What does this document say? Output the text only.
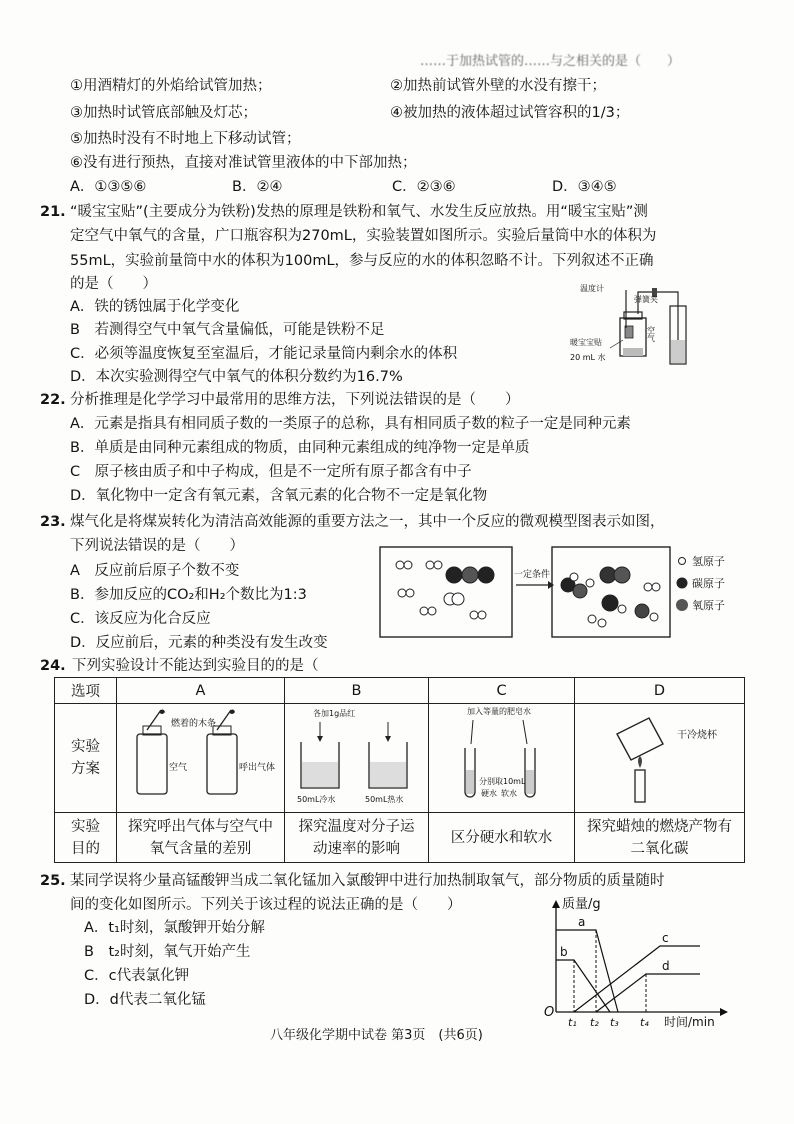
……于加热试管的……与之相关的是（　　）
①用酒精灯的外焰给试管加热；	②加热前试管外壁的水没有擦干；
③加热时试管底部触及灯芯；	④被加热的液体超过试管容积的1/3；
⑤加热时没有不时地上下移动试管；
⑥没有进行预热，直接对准试管里液体的中下部加热；
A．①③⑤⑥	B．②④	C．②③⑥	D．③④⑤
21. “暖宝宝贴”(主要成分为铁粉)发热的原理是铁粉和氧气、水发生反应放热。用“暖宝宝贴”测
定空气中氧气的含量，广口瓶容积为270mL，实验装置如图所示。实验后量筒中水的体积为
55mL，实验前量筒中水的体积为100mL，参与反应的水的体积忽略不计。下列叙述不正确
的是（　　）
A．铁的锈蚀属于化学变化
B　若测得空气中氧气含量偏低，可能是铁粉不足
C．必须等温度恢复至室温后，才能记录量筒内剩余水的体积
D．本次实验测得空气中氧气的体积分数约为16.7%
温度计
弹簧夹
暖宝宝贴
20 mL 水
空气
22. 分析推理是化学学习中最常用的思维方法，下列说法错误的是（　　）
A．元素是指具有相同质子数的一类原子的总称，具有相同质子数的粒子一定是同种元素
B．单质是由同种元素组成的物质，由同种元素组成的纯净物一定是单质
C　原子核由质子和中子构成，但是不一定所有原子都含有中子
D．氧化物中一定含有氧元素，含氧元素的化合物不一定是氧化物
23. 煤气化是将煤炭转化为清洁高效能源的重要方法之一，其中一个反应的微观模型图表示如图，
下列说法错误的是（　　）
A　反应前后原子个数不变
B．参加反应的CO₂和H₂个数比为1:3
C．该反应为化合反应
D．反应前后，元素的种类没有发生改变
一定条件
氢原子
碳原子
氧原子
24. 下列实验设计不能达到实验目的的是（
选项	A	B	C	D

实验方案	燃着的木条
空气 呼出气体	各加1g品红
50mL冷水 50mL热水	加入等量的肥皂水
分别取10mL
硬水 软水	干冷烧杯

实验目的	探究呼出气体与空气中氧气含量的差别	探究温度对分子运动速率的影响	区分硬水和软水	探究蜡烛的燃烧产物有二氧化碳
25. 某同学误将少量高锰酸钾当成二氧化锰加入氯酸钾中进行加热制取氧气，部分物质的质量随时
间的变化如图所示。下列关于该过程的说法正确的是（　　）
A．t₁时刻，氯酸钾开始分解
B　t₂时刻，氧气开始产生
C．c代表氯化钾
D．d代表二氧化锰
质量/g
时间/min
O
a
b
c
d
t₁ t₂ t₃ t₄
八年级化学期中试卷 第3页　(共6页)
